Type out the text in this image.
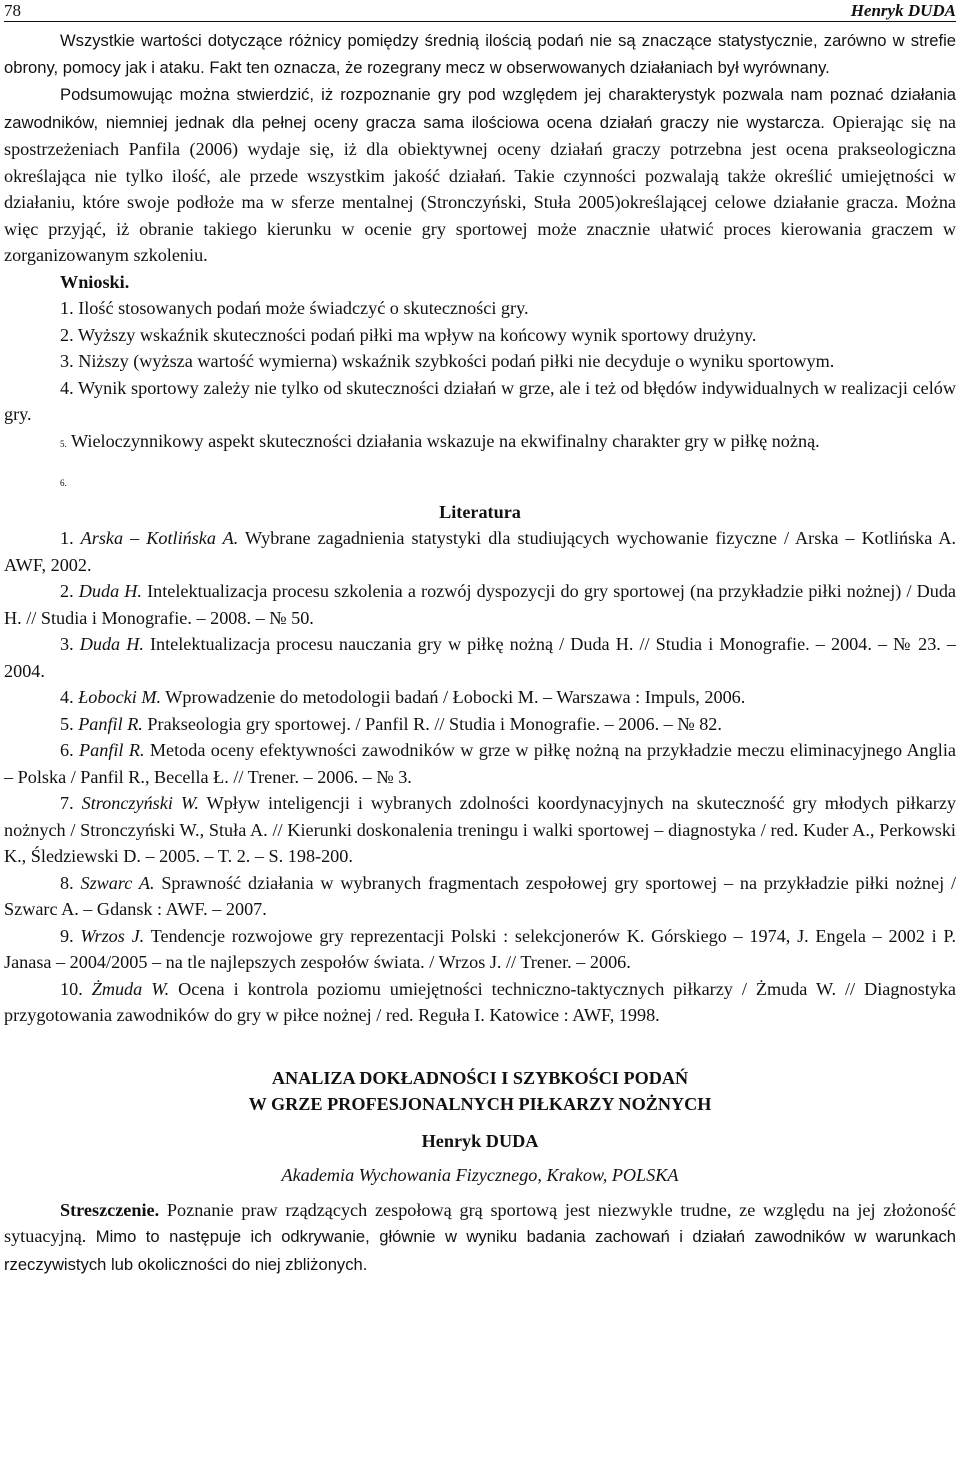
78	Henryk DUDA

Wszystkie wartości dotyczące różnicy pomiędzy średnią ilością podań nie są znaczące statystycznie, zarówno w strefie obrony, pomocy jak i ataku. Fakt ten oznacza, że rozegrany mecz w obserwowanych działaniach był wyrównany.

Podsumowując można stwierdzić, iż rozpoznanie gry pod względem jej charakterystyk pozwala nam poznać działania zawodników, niemniej jednak dla pełnej oceny gracza sama ilościowa ocena działań graczy nie wystarcza. Opierając się na spostrzeżeniach Panfila (2006) wydaje się, iż dla obiektywnej oceny działań graczy potrzebna jest ocena prakseologiczna określająca nie tylko ilość, ale przede wszystkim jakość działań. Takie czynności pozwalają także określić umiejętności w działaniu, które swoje podłoże ma w sferze mentalnej (Stronczyński, Stuła 2005)określającej celowe działanie gracza. Można więc przyjąć, iż obranie takiego kierunku w ocenie gry sportowej może znacznie ułatwić proces kierowania graczem w zorganizowanym szkoleniu.

Wnioski.

1. Ilość stosowanych podań może świadczyć o skuteczności gry.

2. Wyższy wskaźnik skuteczności podań piłki ma wpływ na końcowy wynik sportowy drużyny.

3. Niższy (wyższa wartość wymierna) wskaźnik szybkości podań piłki nie decyduje o wyniku sportowym.

4. Wynik sportowy zależy nie tylko od skuteczności działań w grze, ale i też od błędów indywidualnych w realizacji celów gry.

5. Wieloczynnikowy aspekt skuteczności działania wskazuje na ekwifinalny charakter gry w piłkę nożną.

6.

Literatura

1. Arska – Kotlińska A. Wybrane zagadnienia statystyki dla studiujących wychowanie fizyczne / Arska – Kotlińska A. AWF, 2002.

2. Duda H. Intelektualizacja procesu szkolenia a rozwój dyspozycji do gry sportowej (na przykładzie piłki nożnej) / Duda H. // Studia i Monografie. – 2008. – № 50.

3. Duda H. Intelektualizacja procesu nauczania gry w piłkę nożną / Duda H. // Studia i Monografie. – 2004. – № 23. – 2004.

4. Łobocki M. Wprowadzenie do metodologii badań / Łobocki M. – Warszawa : Impuls, 2006.

5. Panfil R. Prakseologia gry sportowej. / Panfil R. // Studia i Monografie. – 2006. – № 82.

6. Panfil R. Metoda oceny efektywności zawodników w grze w piłkę nożną na przykładzie meczu eliminacyjnego Anglia – Polska / Panfil R., Becella Ł. // Trener. – 2006. – № 3.

7. Stronczyński W. Wpływ inteligencji i wybranych zdolności koordynacyjnych na skuteczność gry młodych piłkarzy nożnych / Stronczyński W., Stuła A. // Kierunki doskonalenia treningu i walki sportowej – diagnostyka / red. Kuder A., Perkowski K., Śledziewski D. – 2005. – T. 2. – S. 198-200.

8. Szwarc A. Sprawność działania w wybranych fragmentach zespołowej gry sportowej – na przykładzie piłki nożnej / Szwarc A. – Gdansk : AWF. – 2007.

9. Wrzos J. Tendencje rozwojowe gry reprezentacji Polski : selekcjonerów K. Górskiego – 1974, J. Engela – 2002 i P. Janasa – 2004/2005 – na tle najlepszych zespołów świata. / Wrzos J. // Trener. – 2006.

10. Żmuda W. Ocena i kontrola poziomu umiejętności techniczno-taktycznych piłkarzy / Żmuda W. // Diagnostyka przygotowania zawodników do gry w piłce nożnej / red. Reguła I. Katowice : AWF, 1998.

ANALIZA DOKŁADNOŚCI I SZYBKOŚCI PODAŃ
W GRZE PROFESJONALNYCH PIŁKARZY NOŻNYCH
Henryk DUDA
Akademia Wychowania Fizycznego, Krakow, POLSKA

Streszczenie. Poznanie praw rządzących zespołową grą sportową jest niezwykle trudne, ze względu na jej złożoność sytuacyjną. Mimo to następuje ich odkrywanie, głównie w wyniku badania zachowań i działań zawodników w warunkach rzeczywistych lub okoliczności do niej zbliżonych.
